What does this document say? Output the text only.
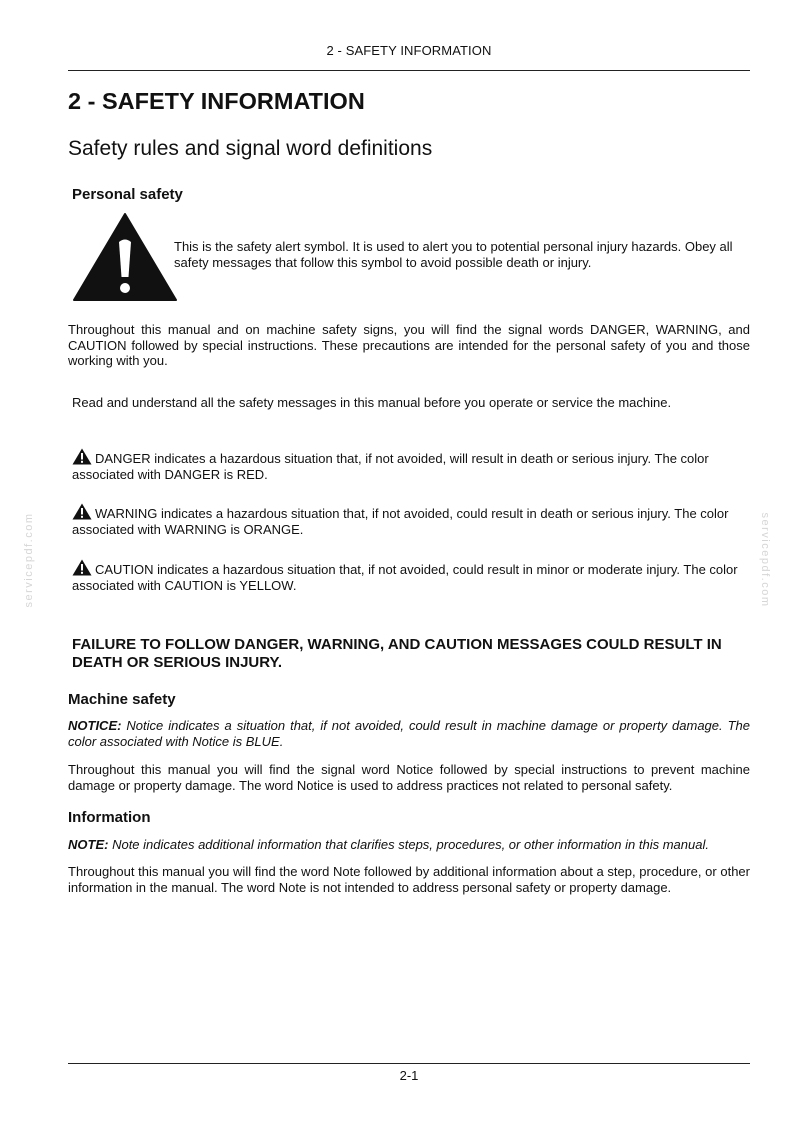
2 - SAFETY INFORMATION
2 - SAFETY INFORMATION
Safety rules and signal word definitions
Personal safety
This is the safety alert symbol. It is used to alert you to potential personal injury hazards. Obey all safety messages that follow this symbol to avoid possible death or injury.
Throughout this manual and on machine safety signs, you will find the signal words DANGER, WARNING, and CAUTION followed by special instructions. These precautions are intended for the personal safety of you and those working with you.
Read and understand all the safety messages in this manual before you operate or service the machine.
DANGER indicates a hazardous situation that, if not avoided, will result in death or serious injury. The color associated with DANGER is RED.
WARNING indicates a hazardous situation that, if not avoided, could result in death or serious injury. The color associated with WARNING is ORANGE.
CAUTION indicates a hazardous situation that, if not avoided, could result in minor or moderate injury. The color associated with CAUTION is YELLOW.
FAILURE TO FOLLOW DANGER, WARNING, AND CAUTION MESSAGES COULD RESULT IN DEATH OR SERIOUS INJURY.
Machine safety
NOTICE: Notice indicates a situation that, if not avoided, could result in machine damage or property damage. The color associated with Notice is BLUE.
Throughout this manual you will find the signal word Notice followed by special instructions to prevent machine damage or property damage. The word Notice is used to address practices not related to personal safety.
Information
NOTE: Note indicates additional information that clarifies steps, procedures, or other information in this manual.
Throughout this manual you will find the word Note followed by additional information about a step, procedure, or other information in the manual. The word Note is not intended to address personal safety or property damage.
2-1
servicepdf.com	servicepdf.com
